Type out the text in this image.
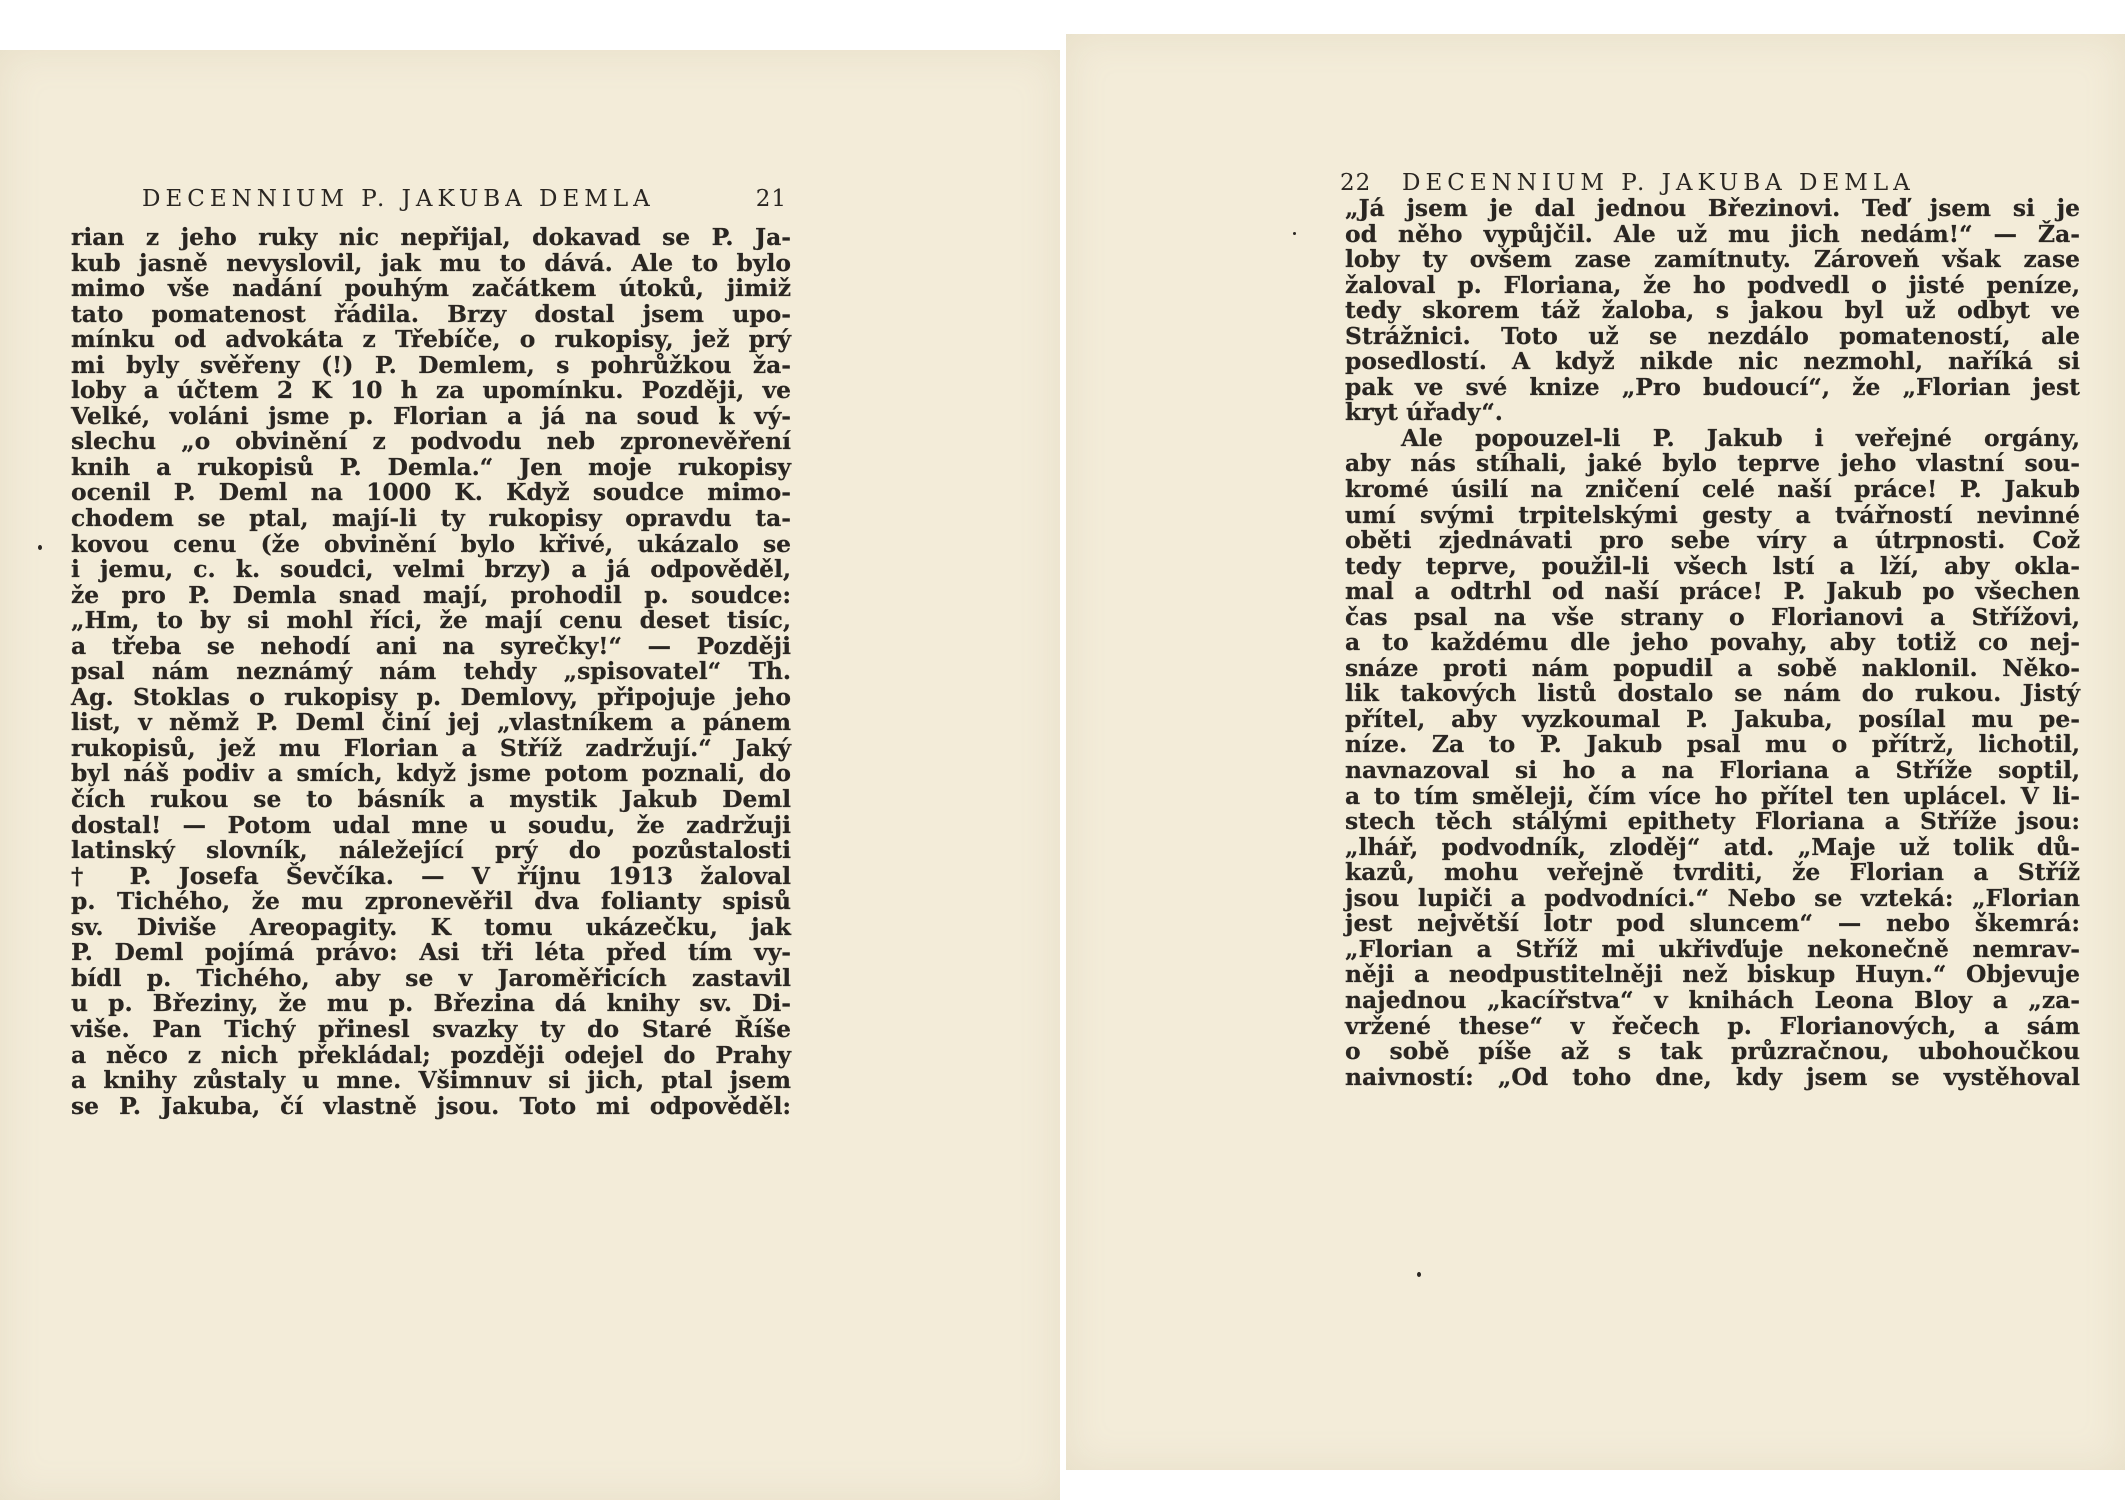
DECENNIUM P. JAKUBA DEMLA	21
rian z jeho ruky nic nepřijal, dokavad se P. Ja-
kub jasně nevyslovil, jak mu to dává. Ale to bylo
mimo vše nadání pouhým začátkem útoků, jimiž
tato pomatenost řádila. Brzy dostal jsem upo-
mínku od advokáta z Třebíče, o rukopisy, jež prý
mi byly svěřeny (!) P. Demlem, s pohrůžkou ža-
loby a účtem 2 K 10 h za upomínku. Později, ve
Velké, voláni jsme p. Florian a já na soud k vý-
slechu „o obvinění z podvodu neb zpronevěření
knih a rukopisů P. Demla.“ Jen moje rukopisy
ocenil P. Deml na 1000 K. Když soudce mimo-
chodem se ptal, mají-li ty rukopisy opravdu ta-
kovou cenu (že obvinění bylo křivé, ukázalo se
i jemu, c. k. soudci, velmi brzy) a já odpověděl,
že pro P. Demla snad mají, prohodil p. soudce:
„Hm, to by si mohl říci, že mají cenu deset tisíc,
a třeba se nehodí ani na syrečky!“ — Později
psal nám neznámý nám tehdy „spisovatel“ Th.
Ag. Stoklas o rukopisy p. Demlovy, připojuje jeho
list, v němž P. Deml činí jej „vlastníkem a pánem
rukopisů, jež mu Florian a Stříž zadržují.“ Jaký
byl náš podiv a smích, když jsme potom poznali, do
čích rukou se to básník a mystik Jakub Deml
dostal! — Potom udal mne u soudu, že zadržuji
latinský slovník, náležející prý do pozůstalosti
† P. Josefa Ševčíka. — V říjnu 1913 žaloval
p. Tichého, že mu zpronevěřil dva folianty spisů
sv. Diviše Areopagity. K tomu ukázečku, jak
P. Deml pojímá právo: Asi tři léta před tím vy-
bídl p. Tichého, aby se v Jaroměřicích zastavil
u p. Březiny, že mu p. Březina dá knihy sv. Di-
više. Pan Tichý přinesl svazky ty do Staré Říše
a něco z nich překládal; později odejel do Prahy
a knihy zůstaly u mne. Všimnuv si jich, ptal jsem
se P. Jakuba, čí vlastně jsou. Toto mi odpověděl:
22 DECENNIUM P. JAKUBA DEMLA
„Já jsem je dal jednou Březinovi. Teď jsem si je
od něho vypůjčil. Ale už mu jich nedám!“ — Ža-
loby ty ovšem zase zamítnuty. Zároveň však zase
žaloval p. Floriana, že ho podvedl o jisté peníze,
tedy skorem táž žaloba, s jakou byl už odbyt ve
Strážnici. Toto už se nezdálo pomateností, ale
posedlostí. A když nikde nic nezmohl, naříká si
pak ve své knize „Pro budoucí“, že „Florian jest
kryt úřady“.
Ale popouzel-li P. Jakub i veřejné orgány,
aby nás stíhali, jaké bylo teprve jeho vlastní sou-
kromé úsilí na zničení celé naší práce! P. Jakub
umí svými trpitelskými gesty a tvářností nevinné
oběti zjednávati pro sebe víry a útrpnosti. Což
tedy teprve, použil-li všech lstí a lží, aby okla-
mal a odtrhl od naší práce! P. Jakub po všechen
čas psal na vše strany o Florianovi a Střížovi,
a to každému dle jeho povahy, aby totiž co nej-
snáze proti nám popudil a sobě naklonil. Něko-
lik takových listů dostalo se nám do rukou. Jistý
přítel, aby vyzkoumal P. Jakuba, posílal mu pe-
níze. Za to P. Jakub psal mu o přítrž, lichotil,
navnazoval si ho a na Floriana a Stříže soptil,
a to tím směleji, čím více ho přítel ten uplácel. V li-
stech těch stálými epithety Floriana a Stříže jsou:
„lhář, podvodník, zloděj“ atd. „Maje už tolik dů-
kazů, mohu veřejně tvrditi, že Florian a Stříž
jsou lupiči a podvodníci.“ Nebo se vzteká: „Florian
jest největší lotr pod sluncem“ — nebo škemrá:
„Florian a Stříž mi ukřivďuje nekonečně nemrav-
něji a neodpustitelněji než biskup Huyn.“ Objevuje
najednou „kacířstva“ v knihách Leona Bloy a „za-
vržené these“ v řečech p. Florianových, a sám
o sobě píše až s tak průzračnou, ubohoučkou
naivností: „Od toho dne, kdy jsem se vystěhoval
